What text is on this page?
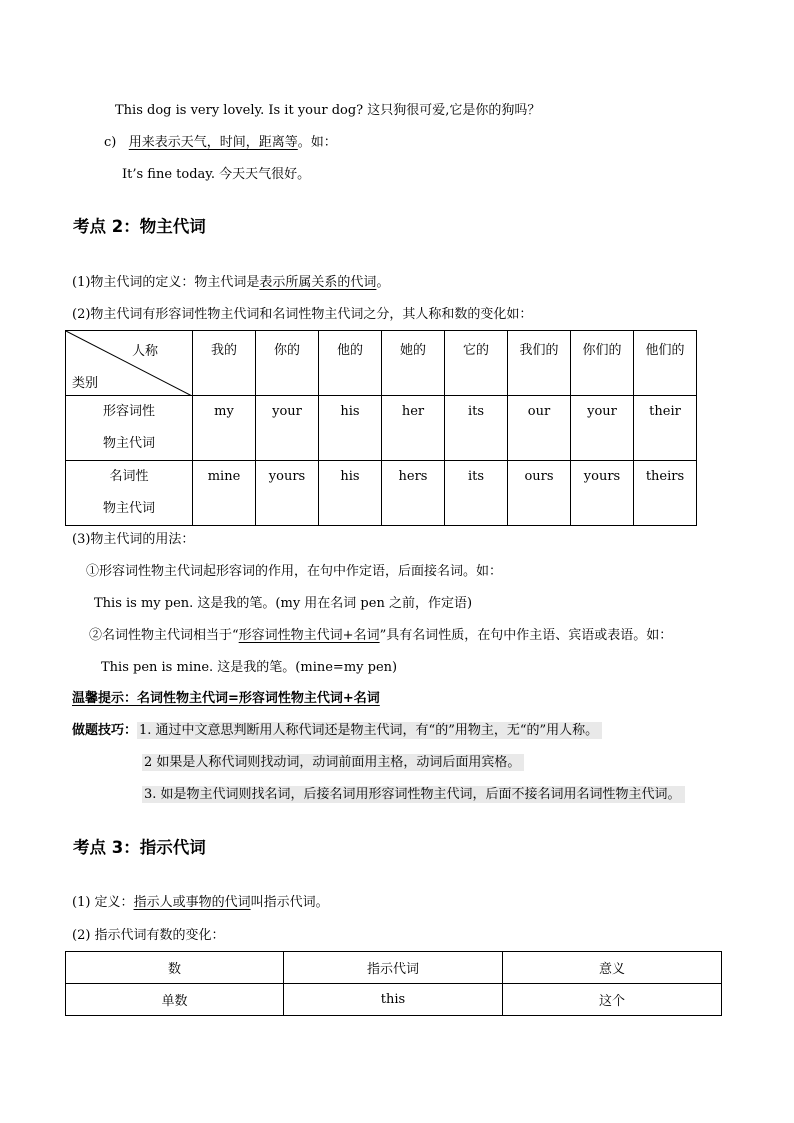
This dog is very lovely. Is it your dog? 这只狗很可爱,它是你的狗吗？
c) 用来表示天气，时间，距离等。如：
It’s fine today. 今天天气很好。
考点 2：物主代词
(1)物主代词的定义：物主代词是表示所属关系的代词。
(2)物主代词有形容词性物主代词和名词性物主代词之分，其人称和数的变化如：
人称
类别	我的	你的	他的	她的	它的	我们的	你们的	他们的

形容词性
物主代词	my	your	his	her	its	our	your	their

名词性
物主代词	mine	yours	his	hers	its	ours	yours	theirs
(3)物主代词的用法：
①形容词性物主代词起形容词的作用，在句中作定语，后面接名词。如：
This is my pen. 这是我的笔。(my 用在名词 pen 之前，作定语)
②名词性物主代词相当于“形容词性物主代词+名词”具有名词性质，在句中作主语、宾语或表语。如：
This pen is mine. 这是我的笔。(mine=my pen)
温馨提示：名词性物主代词=形容词性物主代词+名词
做题技巧： 1. 通过中文意思判断用人称代词还是物主代词，有“的”用物主，无“的”用人称。
2 如果是人称代词则找动词，动词前面用主格，动词后面用宾格。
3. 如是物主代词则找名词，后接名词用形容词性物主代词，后面不接名词用名词性物主代词。
考点 3：指示代词
(1) 定义：指示人或事物的代词叫指示代词。
(2) 指示代词有数的变化：
数	指示代词	意义
单数	this	这个
